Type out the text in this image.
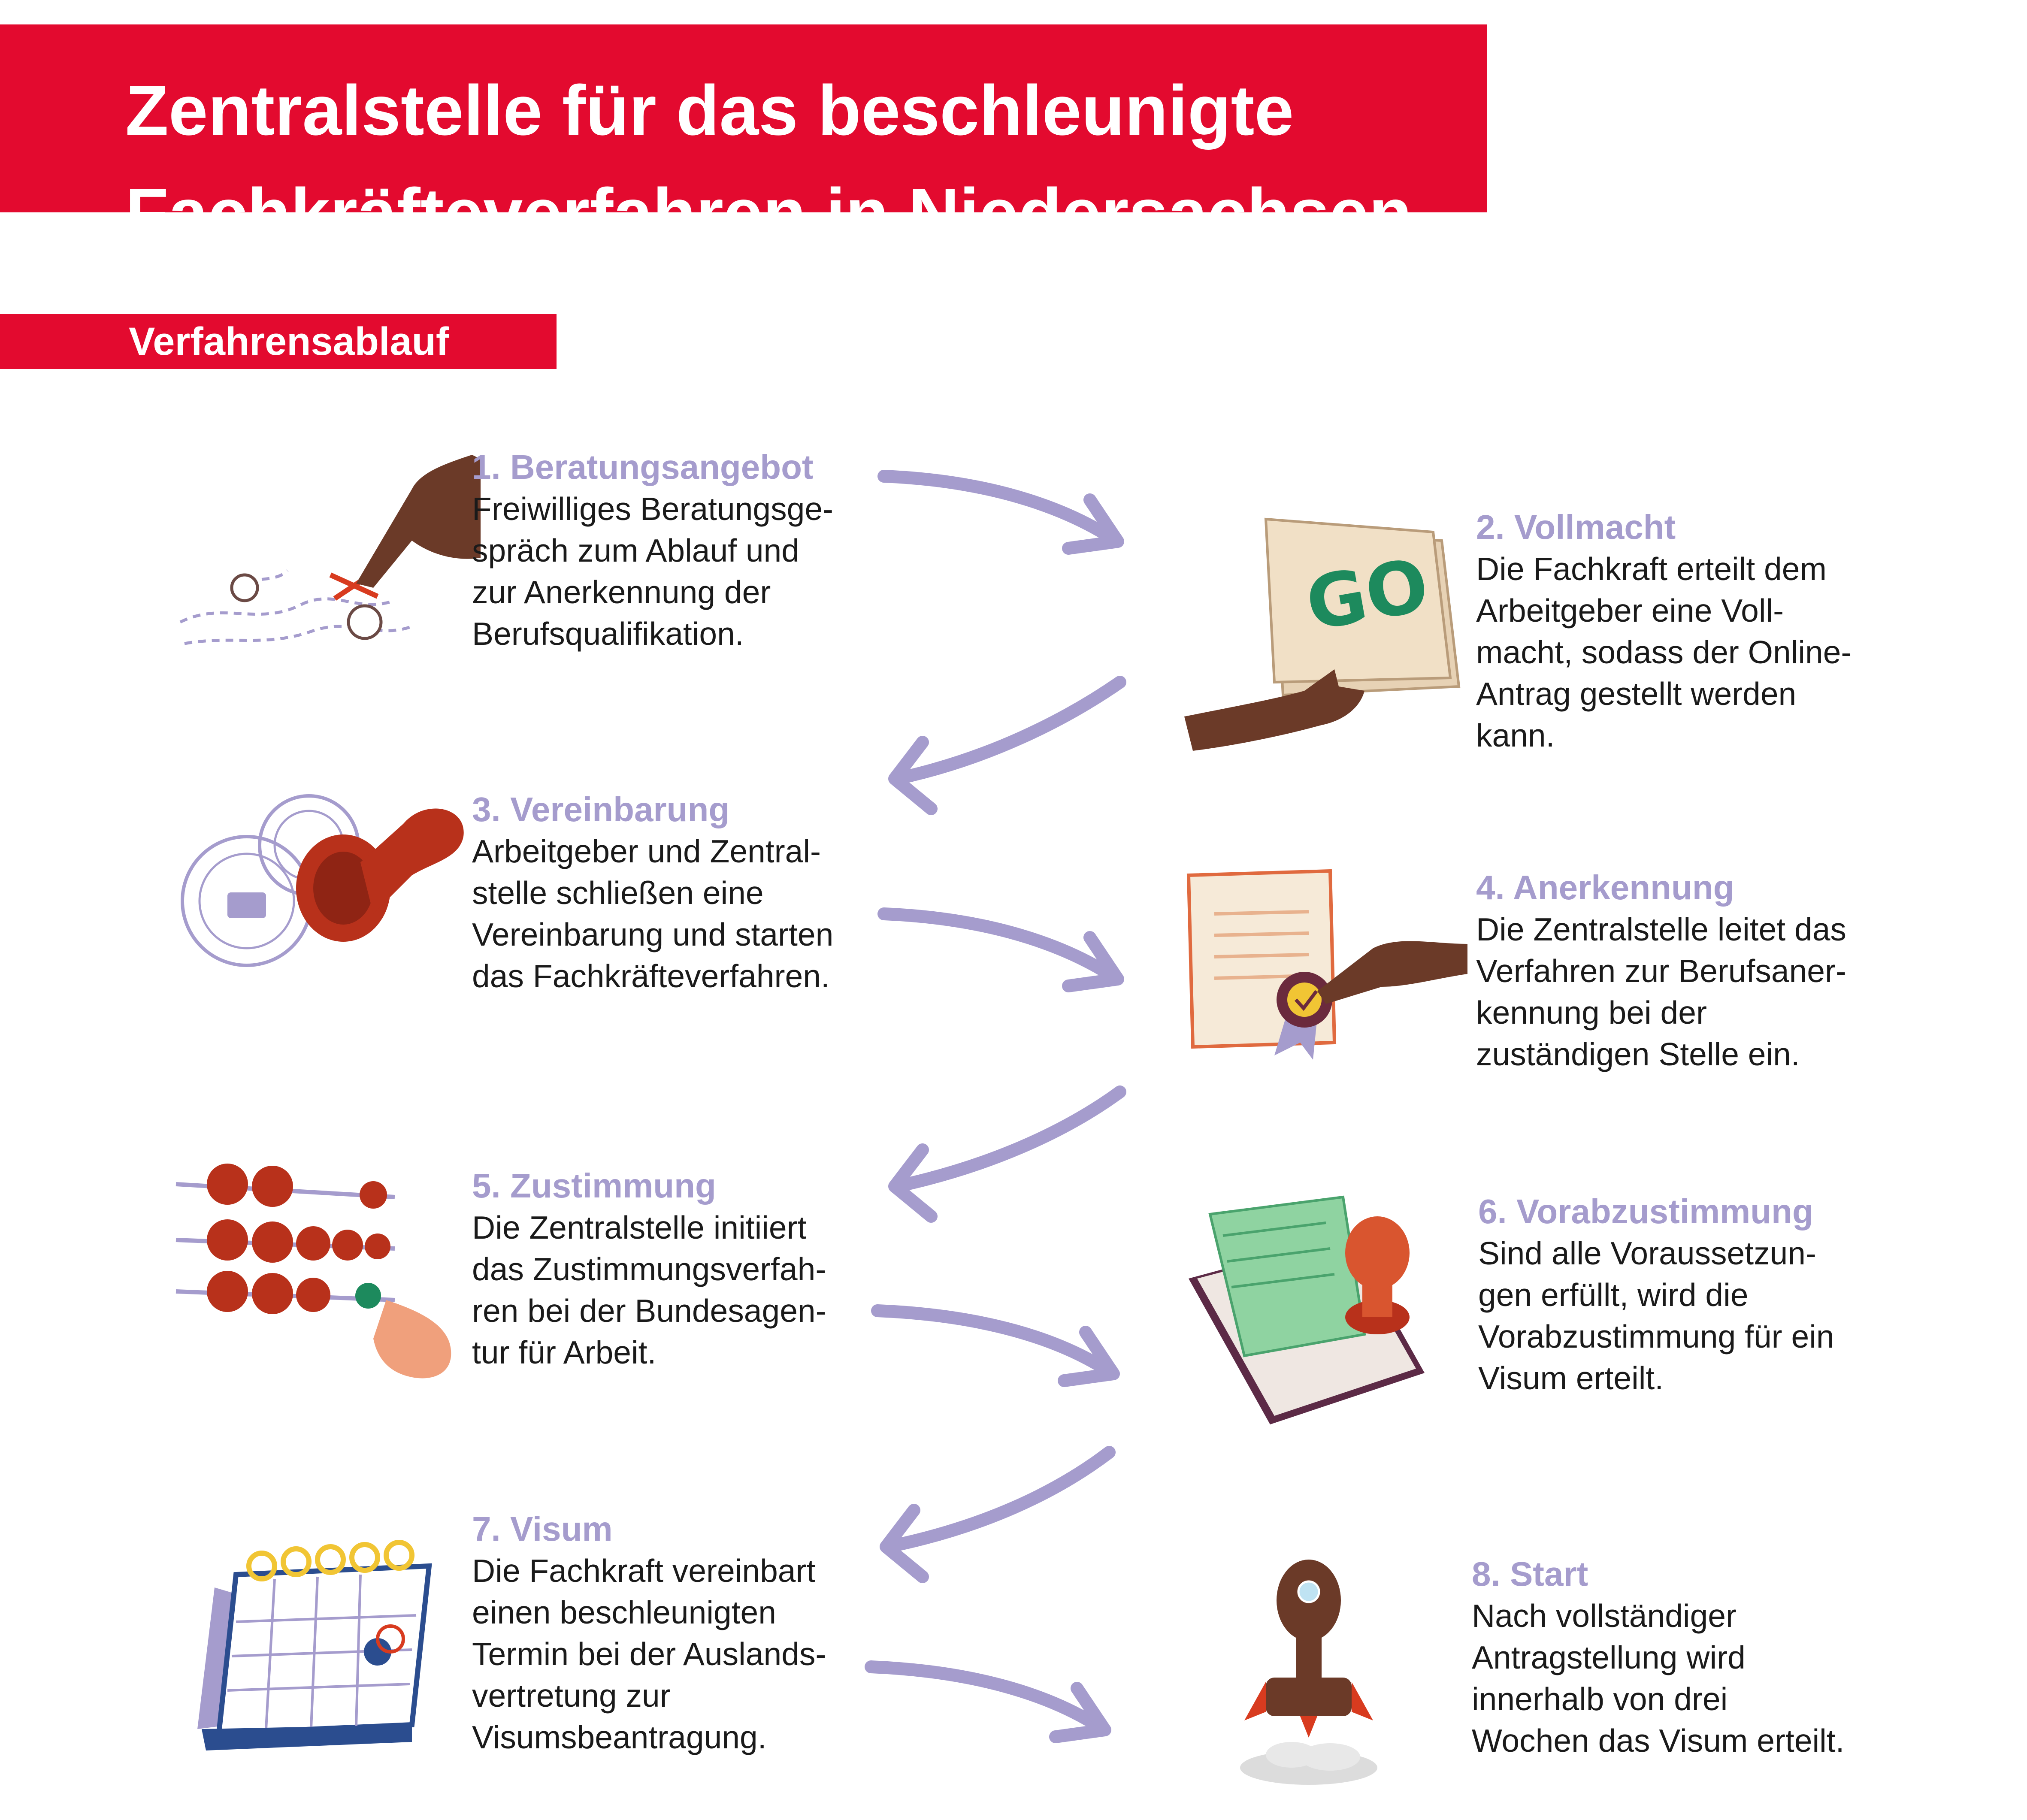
Zentralstelle für das beschleunigte
Fachkräfteverfahren in Niedersachsen
Verfahrensablauf
GO

1. Beratungsangebot

Freiwilliges Beratungsge-
spräch zum Ablauf und
zur Anerkennung der
Berufsqualifikation.

2. Vollmacht

Die Fachkraft erteilt dem
Arbeitgeber eine Voll-
macht, sodass der Online-
Antrag gestellt werden
kann.

3. Vereinbarung

Arbeitgeber und Zentral-
stelle schließen eine
Vereinbarung und starten
das Fachkräfteverfahren.

4. Anerkennung

Die Zentralstelle leitet das
Verfahren zur Berufsaner-
kennung bei der
zuständigen Stelle ein.

5. Zustimmung

Die Zentralstelle initiiert
das Zustimmungsverfah-
ren bei der Bundesagen-
tur für Arbeit.

6. Vorabzustimmung

Sind alle Voraussetzun-
gen erfüllt, wird die
Vorabzustimmung für ein
Visum erteilt.

7. Visum

Die Fachkraft vereinbart
einen beschleunigten
Termin bei der Auslands-
vertretung zur
Visumsbeantragung.

8. Start

Nach vollständiger
Antragstellung wird
innerhalb von drei
Wochen das Visum erteilt.
